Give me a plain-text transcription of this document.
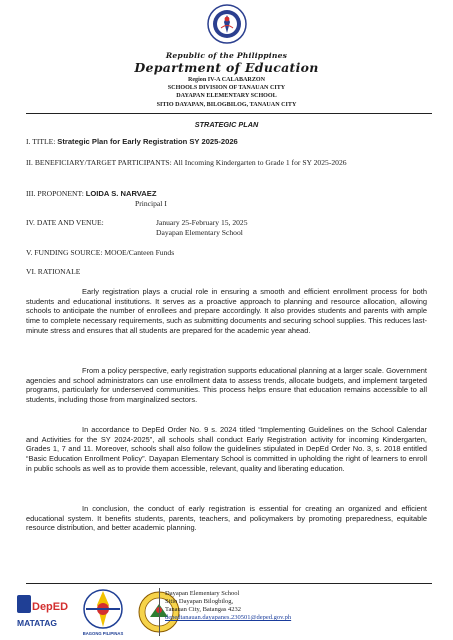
Republic of the Philippines
Department of Education
Region IV-A CALABARZON
SCHOOLS DIVISION OF TANAUAN CITY
DAYAPAN ELEMENTARY SCHOOL
SITIO DAYAPAN, BILOGBILOG, TANAUAN CITY
STRATEGIC PLAN
I. TITLE: Strategic Plan for Early Registration SY 2025-2026
II. BENEFICIARY/TARGET PARTICIPANTS: All Incoming Kindergarten to Grade 1 for SY 2025-2026
III. PROPONENT: LOIDA S. NARVAEZ
Principal I
IV. DATE AND VENUE:	January 25-February 15, 2025
Dayapan Elementary School
V. FUNDING SOURCE: MOOE/Canteen Funds
VI. RATIONALE

Early registration plays a crucial role in ensuring a smooth and efficient enrollment process for both students and educational institutions. It serves as a proactive approach to planning and resource allocation, allowing schools to anticipate the number of enrollees and prepare accordingly. It also provides students and parents with ample time to complete necessary requirements, such as submitting documents and securing school supplies. This reduces last-minute stress and ensures that all students are prepared for the academic year ahead.

From a policy perspective, early registration supports educational planning at a larger scale. Government agencies and school administrators can use enrollment data to assess trends, allocate budgets, and implement targeted programs, particularly for underserved communities. This process helps ensure that education remains accessible to all students, including those from marginalized sectors.

In accordance to DepEd Order No. 9 s. 2024 titled “Implementing Guidelines on the School Calendar and Activities for the SY 2024-2025”, all schools shall conduct Early Registration activity for incoming Kindergarten, Grades 1, 7 and 11. Moreover, schools shall also follow the guidelines stipulated in DepEd Order No. 3, s. 2018 entitled “Basic Education Enrollment Policy”. Dayapan Elementary School is committed in upholding the right of learners to enroll in public schools as well as to provide them accessible, relevant, quality and liberating education.

In conclusion, the conduct of early registration is essential for creating an organized and efficient educational system. It benefits students, parents, teachers, and policymakers by promoting preparedness, equitable resource distribution, and better academic planning.

DepED
MATATAG
BAGONG PILIPINAS
Dayapan Elementary School
Sitio Dayapan Bilogbilog,
Tanauan City, Batangas 4232
depedtanauan.dayapanes.230501@deped.gov.ph
